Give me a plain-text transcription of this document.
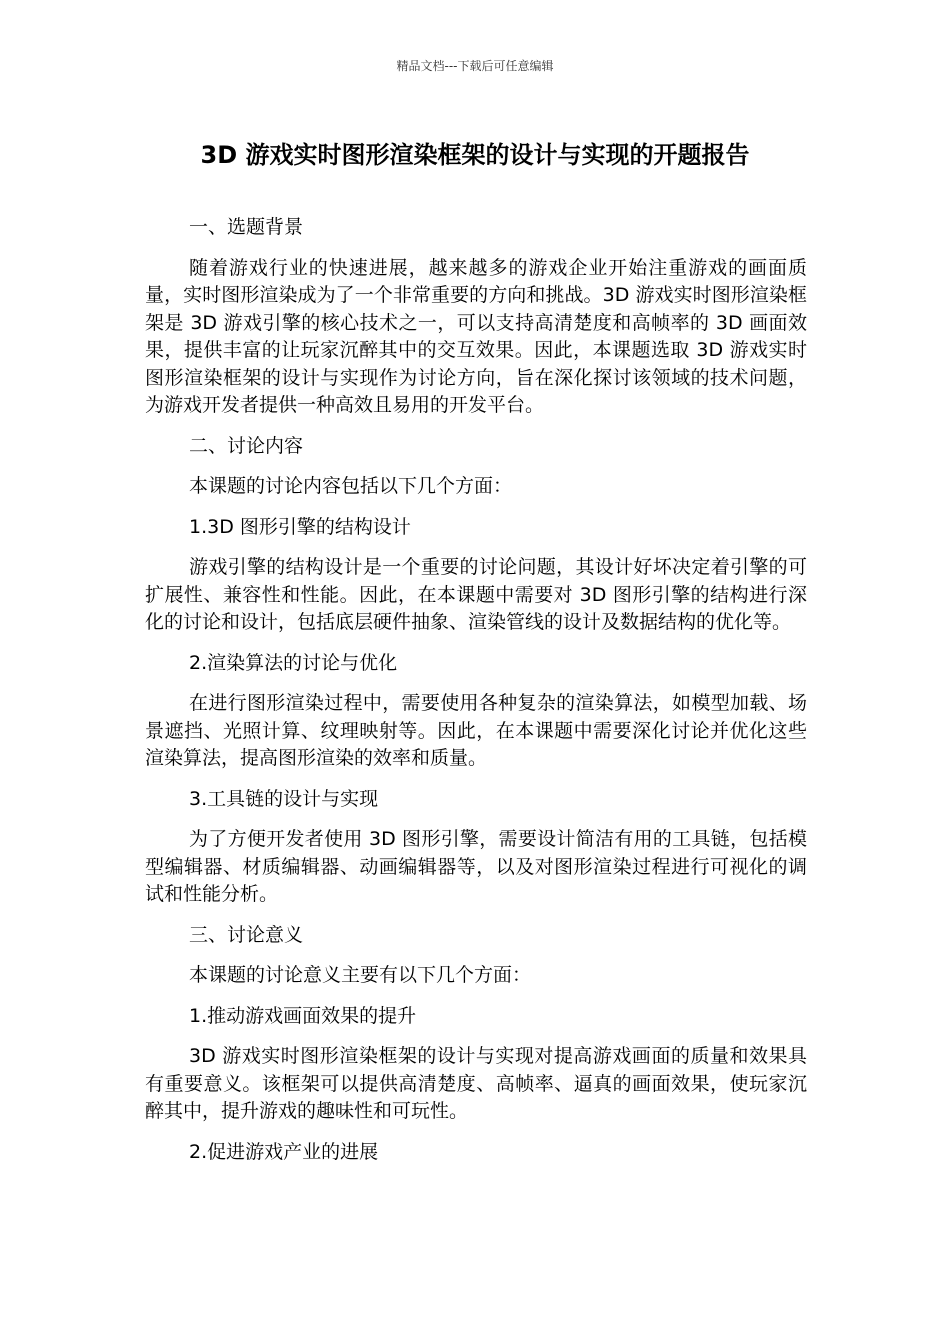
精品文档---下载后可任意编辑
3D 游戏实时图形渲染框架的设计与实现的开题报告

一、选题背景

随着游戏行业的快速进展，越来越多的游戏企业开始注重游戏的画面质量，实时图形渲染成为了一个非常重要的方向和挑战。3D 游戏实时图形渲染框架是 3D 游戏引擎的核心技术之一，可以支持高清楚度和高帧率的 3D 画面效果，提供丰富的让玩家沉醉其中的交互效果。因此，本课题选取 3D 游戏实时图形渲染框架的设计与实现作为讨论方向，旨在深化探讨该领域的技术问题，为游戏开发者提供一种高效且易用的开发平台。

二、讨论内容

本课题的讨论内容包括以下几个方面：

1.3D 图形引擎的结构设计

游戏引擎的结构设计是一个重要的讨论问题，其设计好坏决定着引擎的可扩展性、兼容性和性能。因此，在本课题中需要对 3D 图形引擎的结构进行深化的讨论和设计，包括底层硬件抽象、渲染管线的设计及数据结构的优化等。

2.渲染算法的讨论与优化

在进行图形渲染过程中，需要使用各种复杂的渲染算法，如模型加载、场景遮挡、光照计算、纹理映射等。因此，在本课题中需要深化讨论并优化这些渲染算法，提高图形渲染的效率和质量。

3.工具链的设计与实现

为了方便开发者使用 3D 图形引擎，需要设计简洁有用的工具链，包括模型编辑器、材质编辑器、动画编辑器等，以及对图形渲染过程进行可视化的调试和性能分析。

三、讨论意义

本课题的讨论意义主要有以下几个方面：

1.推动游戏画面效果的提升

3D 游戏实时图形渲染框架的设计与实现对提高游戏画面的质量和效果具有重要意义。该框架可以提供高清楚度、高帧率、逼真的画面效果，使玩家沉醉其中，提升游戏的趣味性和可玩性。

2.促进游戏产业的进展
